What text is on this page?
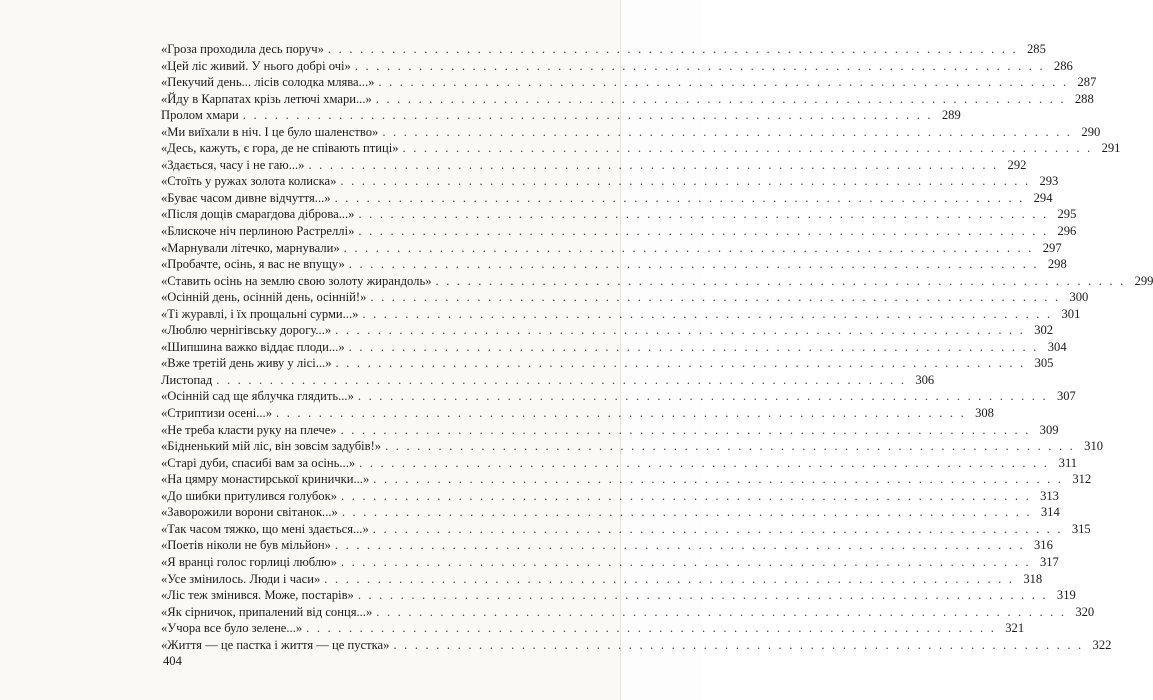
«Гроза проходила десь поруч» . . . . . . . . . . . . . . . . . . . . . . . . . . . . . . . . . . . . . . . . . . . . . . . . . . . . . . . . . . . . . . . . . 285
«Цей ліс живий. У нього добрі очі» . . . . . . . . . . . . . . . . . . . . . . . . . . . . . . . . . . . . . . . . . . . . . . . . . . . . . . . . . . . . . . . . . 286
«Пекучий день... лісів солодка млява...» . . . . . . . . . . . . . . . . . . . . . . . . . . . . . . . . . . . . . . . . . . . . . . . . . . . . . . . . . . . . . . . . . 287
«Йду в Карпатах крізь летючі хмари...» . . . . . . . . . . . . . . . . . . . . . . . . . . . . . . . . . . . . . . . . . . . . . . . . . . . . . . . . . . . . . . . . . 288
Пролом хмари . . . . . . . . . . . . . . . . . . . . . . . . . . . . . . . . . . . . . . . . . . . . . . . . . . . . . . . . . . . . . . . . . 289
«Ми виїхали в ніч. І це було шаленство» . . . . . . . . . . . . . . . . . . . . . . . . . . . . . . . . . . . . . . . . . . . . . . . . . . . . . . . . . . . . . . . . . 290
«Десь, кажуть, є гора, де не співають птиці» . . . . . . . . . . . . . . . . . . . . . . . . . . . . . . . . . . . . . . . . . . . . . . . . . . . . . . . . . . . . . . . . . 291
«Здається, часу і не гаю...» . . . . . . . . . . . . . . . . . . . . . . . . . . . . . . . . . . . . . . . . . . . . . . . . . . . . . . . . . . . . . . . . . 292
«Стоїть у ружах золота колиска» . . . . . . . . . . . . . . . . . . . . . . . . . . . . . . . . . . . . . . . . . . . . . . . . . . . . . . . . . . . . . . . . . 293
«Буває часом дивне відчуття...» . . . . . . . . . . . . . . . . . . . . . . . . . . . . . . . . . . . . . . . . . . . . . . . . . . . . . . . . . . . . . . . . . 294
«Після дощів смарагдова діброва...» . . . . . . . . . . . . . . . . . . . . . . . . . . . . . . . . . . . . . . . . . . . . . . . . . . . . . . . . . . . . . . . . . 295
«Блискоче ніч перлиною Растреллі» . . . . . . . . . . . . . . . . . . . . . . . . . . . . . . . . . . . . . . . . . . . . . . . . . . . . . . . . . . . . . . . . . 296
«Марнували літечко, марнували» . . . . . . . . . . . . . . . . . . . . . . . . . . . . . . . . . . . . . . . . . . . . . . . . . . . . . . . . . . . . . . . . . 297
«Пробачте, осінь, я вас не впущу» . . . . . . . . . . . . . . . . . . . . . . . . . . . . . . . . . . . . . . . . . . . . . . . . . . . . . . . . . . . . . . . . . 298
«Ставить осінь на землю свою золоту жирандоль» . . . . . . . . . . . . . . . . . . . . . . . . . . . . . . . . . . . . . . . . . . . . . . . . . . . . . . . . . . . . . . . . . 299
«Осінній день, осінній день, осінній!» . . . . . . . . . . . . . . . . . . . . . . . . . . . . . . . . . . . . . . . . . . . . . . . . . . . . . . . . . . . . . . . . . 300
«Ті журавлі, і їх прощальні сурми...» . . . . . . . . . . . . . . . . . . . . . . . . . . . . . . . . . . . . . . . . . . . . . . . . . . . . . . . . . . . . . . . . . 301
«Люблю чернігівську дорогу...» . . . . . . . . . . . . . . . . . . . . . . . . . . . . . . . . . . . . . . . . . . . . . . . . . . . . . . . . . . . . . . . . . 302
«Шипшина важко віддає плоди...» . . . . . . . . . . . . . . . . . . . . . . . . . . . . . . . . . . . . . . . . . . . . . . . . . . . . . . . . . . . . . . . . . 304
«Вже третій день живу у лісі...» . . . . . . . . . . . . . . . . . . . . . . . . . . . . . . . . . . . . . . . . . . . . . . . . . . . . . . . . . . . . . . . . . 305
Листопад . . . . . . . . . . . . . . . . . . . . . . . . . . . . . . . . . . . . . . . . . . . . . . . . . . . . . . . . . . . . . . . . . 306
«Осінній сад ще яблучка глядить...» . . . . . . . . . . . . . . . . . . . . . . . . . . . . . . . . . . . . . . . . . . . . . . . . . . . . . . . . . . . . . . . . . 307
«Стриптизи осені...» . . . . . . . . . . . . . . . . . . . . . . . . . . . . . . . . . . . . . . . . . . . . . . . . . . . . . . . . . . . . . . . . . 308
«Не треба класти руку на плече» . . . . . . . . . . . . . . . . . . . . . . . . . . . . . . . . . . . . . . . . . . . . . . . . . . . . . . . . . . . . . . . . . 309
«Бідненький мій ліс, він зовсім задубів!» . . . . . . . . . . . . . . . . . . . . . . . . . . . . . . . . . . . . . . . . . . . . . . . . . . . . . . . . . . . . . . . . . 310
«Старі дуби, спасибі вам за осінь...» . . . . . . . . . . . . . . . . . . . . . . . . . . . . . . . . . . . . . . . . . . . . . . . . . . . . . . . . . . . . . . . . . 311
«На цямру монастирської кринички...» . . . . . . . . . . . . . . . . . . . . . . . . . . . . . . . . . . . . . . . . . . . . . . . . . . . . . . . . . . . . . . . . . 312
«До шибки притулився голубок» . . . . . . . . . . . . . . . . . . . . . . . . . . . . . . . . . . . . . . . . . . . . . . . . . . . . . . . . . . . . . . . . . 313
«Заворожили ворони світанок...» . . . . . . . . . . . . . . . . . . . . . . . . . . . . . . . . . . . . . . . . . . . . . . . . . . . . . . . . . . . . . . . . . 314
«Так часом тяжко, що мені здається...» . . . . . . . . . . . . . . . . . . . . . . . . . . . . . . . . . . . . . . . . . . . . . . . . . . . . . . . . . . . . . . . . . 315
«Поетів ніколи не був мільйон» . . . . . . . . . . . . . . . . . . . . . . . . . . . . . . . . . . . . . . . . . . . . . . . . . . . . . . . . . . . . . . . . . 316
«Я вранці голос горлиці люблю» . . . . . . . . . . . . . . . . . . . . . . . . . . . . . . . . . . . . . . . . . . . . . . . . . . . . . . . . . . . . . . . . . 317
«Усе змінилось. Люди і часи» . . . . . . . . . . . . . . . . . . . . . . . . . . . . . . . . . . . . . . . . . . . . . . . . . . . . . . . . . . . . . . . . . 318
«Ліс теж змінився. Може, постарів» . . . . . . . . . . . . . . . . . . . . . . . . . . . . . . . . . . . . . . . . . . . . . . . . . . . . . . . . . . . . . . . . . 319
«Як сірничок, припалений від сонця...» . . . . . . . . . . . . . . . . . . . . . . . . . . . . . . . . . . . . . . . . . . . . . . . . . . . . . . . . . . . . . . . . . 320
«Учора все було зелене...» . . . . . . . . . . . . . . . . . . . . . . . . . . . . . . . . . . . . . . . . . . . . . . . . . . . . . . . . . . . . . . . . . 321
«Життя — це пастка і життя — це пустка» . . . . . . . . . . . . . . . . . . . . . . . . . . . . . . . . . . . . . . . . . . . . . . . . . . . . . . . . . . . . . . . . . 322
404
